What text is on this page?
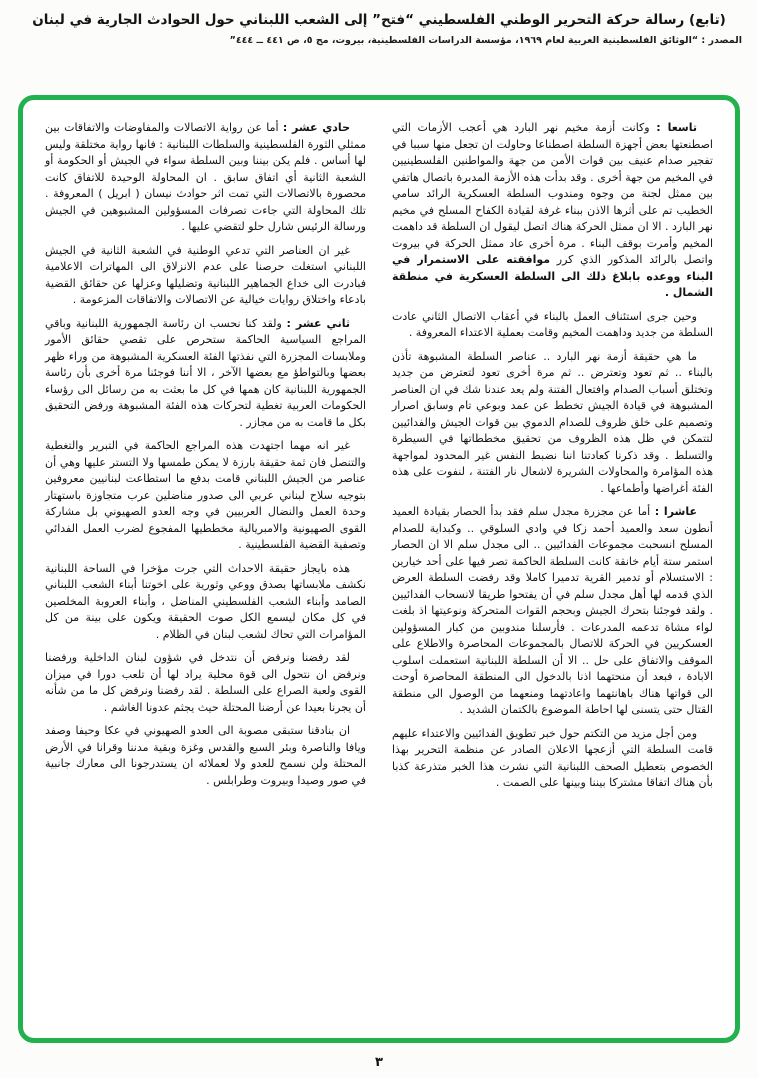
(تابع) رسالة حركة التحرير الوطني الفلسطيني “فتح” إلى الشعب اللبناني حول الحوادث الجارية في لبنان
المصدر : “الوثائق الفلسطينية العربية لعام ١٩٦٩، مؤسسة الدراسات الفلسطينية، بيروت، مج ٥، ص ٤٤١ ــ ٤٤٤”

تاسعا : وكانت أزمة مخيم نهر البارد هي أعجب الأزمات التي اصطنعتها بعض أجهزة السلطة اصطناعا وحاولت ان تجعل منها سببا في تفجير صدام عنيف بين قوات الأمن من جهة والمواطنين الفلسطينيين في المخيم من جهة أخرى . وقد بدأت هذه الأزمة المدبرة باتصال هاتفي بين ممثل لجنة من وجوه ومندوب السلطة العسكرية الرائد سامي الخطيب تم على أثرها الاذن ببناء غرفة لقيادة الكفاح المسلح في مخيم نهر البارد . الا ان ممثل الحركة هناك اتصل ليقول ان السلطة قد داهمت المخيم وأمرت بوقف البناء . مرة أخرى عاد ممثل الحركة في بيروت واتصل بالرائد المذكور الذي كرر موافقته على الاستمرار في البناء ووعده بابلاغ ذلك الى السلطة العسكرية في منطقة الشمال .

وحين جرى استئناف العمل بالبناء في أعقاب الاتصال الثاني عادت السلطة من جديد وداهمت المخيم وقامت بعملية الاعتداء المعروفة .

ما هي حقيقة أزمة نهر البارد .. عناصر السلطة المشبوهة تأذن بالبناء .. ثم تعود وتعترض .. ثم مرة أخرى تعود لتعترض من جديد وتختلق أسباب الصدام وافتعال الفتنة ولم يعد عندنا شك في ان العناصر المشبوهة في قيادة الجيش تخطط عن عمد وبوعي تام وسابق اصرار وتصميم على خلق ظروف للصدام الدموي بين قوات الجيش والفدائيين لتتمكن في ظل هذه الظروف من تحقيق مخططاتها في السيطرة والتسلط . وقد ذكرنا كعادتنا اننا نضبط النفس غير المحدود لمواجهة هذه المؤامرة والمحاولات الشريرة لاشعال نار الفتنة ، لنفوت على هذه الفئة أغراضها وأطماعها .

عاشرا : أما عن مجزرة مجدل سلم فقد بدأ الحصار بقيادة العميد أنطون سعد والعميد أحمد زكا في وادي السلوقي .. وكبداية للصدام المسلح انسحبت مجموعات الفدائيين .. الى مجدل سلم الا ان الحصار استمر ستة أيام خانقة كانت السلطة الحاكمة تصر فيها على أحد خيارين : الاستسلام أو تدمير القرية تدميرا كاملا وقد رفضت السلطة العرض الذي قدمه لها أهل مجدل سلم في أن يفتحوا طريقا لانسحاب الفدائيين . ولقد فوجئنا بتحرك الجيش وبحجم القوات المتحركة ونوعيتها اذ بلغت لواء مشاة تدعمه المدرعات . فأرسلنا مندوبين من كبار المسؤولين العسكريين في الحركة للاتصال بالمجموعات المحاصرة والاطلاع على الموقف والاتفاق على حل .. الا أن السلطة اللبنانية استعملت اسلوب الابادة ، فبعد أن منحتهما اذنا بالدخول الى المنطقة المحاصرة أوحت الى قواتها هناك باهانتهما واعادتهما ومنعهما من الوصول الى منطقة القتال حتى يتسنى لها احاطة الموضوع بالكتمان الشديد .

ومن أجل مزيد من التكتم حول خبر تطويق الفدائيين والاعتداء عليهم قامت السلطة التي أزعجها الاعلان الصادر عن منظمة التحرير بهذا الخصوص بتعطيل الصحف اللبنانية التي نشرت هذا الخبر متذرعة كذبا بأن هناك اتفاقا مشتركا بيننا وبينها على الصمت .

حادي عشر : أما عن رواية الاتصالات والمفاوضات والاتفاقات بين ممثلي الثورة الفلسطينية والسلطات اللبنانية : فانها رواية مختلقة وليس لها أساس . فلم يكن بيننا وبين السلطة سواء في الجيش أو الحكومة أو الشعبة الثانية أي اتفاق سابق . ان المحاولة الوحيدة للاتفاق كانت محصورة بالاتصالات التي تمت اثر حوادث نيسان ( ابريل ) المعروفة . تلك المحاولة التي جاءت تصرفات المسؤولين المشبوهين في الجيش ورسالة الرئيس شارل حلو لتقضي عليها .

غير ان العناصر التي تدعي الوطنية في الشعبة الثانية في الجيش اللبناني استغلت حرصنا على عدم الانزلاق الى المهاترات الاعلامية فبادرت الى خداع الجماهير اللبنانية وتضليلها وعزلها عن حقائق القضية بادعاء واختلاق روايات خيالية عن الاتصالات والاتفاقات المزعومة .

ثاني عشر : ولقد كنا نحسب ان رئاسة الجمهورية اللبنانية وباقي المراجع السياسية الحاكمة ستحرص على تقصي حقائق الأمور وملابسات المجزرة التي نفذتها الفئة العسكرية المشبوهة من وراء ظهر بعضها وبالتواطؤ مع بعضها الآخر ، الا أننا فوجئنا مرة أخرى بأن رئاسة الجمهورية اللبنانية كان همها في كل ما بعثت به من رسائل الى رؤساء الحكومات العربية تغطية لتحركات هذه الفئة المشبوهة ورفض التحقيق بكل ما قامت به من مجازر .

غير انه مهما اجتهدت هذه المراجع الحاكمة في التبرير والتغطية والتنصل فان ثمة حقيقة بارزة لا يمكن طمسها ولا التستر عليها وهي أن عناصر من الجيش اللبناني قامت بدفع ما استطاعت لبنانيين معروفين بتوجيه سلاح لبناني عربي الى صدور مناضلين عرب متجاوزة باستهتار وحدة العمل والنضال العربيين في وجه العدو الصهيوني بل مشاركة القوى الصهيونية والامبريالية مخططيها المفجوع لضرب العمل الفدائي وتصفية القضية الفلسطينية .

هذه بايجاز حقيقة الاحداث التي جرت مؤخرا في الساحة اللبنانية نكشف ملابساتها بصدق ووعي وثورية على اخوتنا أبناء الشعب اللبناني الصامد وأبناء الشعب الفلسطيني المناضل ، وأبناء العروبة المخلصين في كل مكان ليسمع الكل صوت الحقيقة ويكون على بينة من كل المؤامرات التي تحاك لشعب لبنان في الظلام .

لقد رفضنا ونرفض أن نتدخل في شؤون لبنان الداخلية ورفضنا ونرفض ان نتحول الى قوة محلية يراد لها أن تلعب دورا في ميزان القوى ولعبة الصراع على السلطة . لقد رفضنا ونرفض كل ما من شأنه أن يجرنا بعيدا عن أرضنا المحتلة حيث يجثم عدونا الغاشم .

ان بنادقنا ستبقى مصوبة الى العدو الصهيوني في عكا وحيفا وصفد ويافا والناصرة وبئر السبع والقدس وغزة وبقية مدننا وقرانا في الأرض المحتلة ولن نسمح للعدو ولا لعملائه ان يستدرجونا الى معارك جانبية في صور وصيدا وبيروت وطرابلس .

٣
